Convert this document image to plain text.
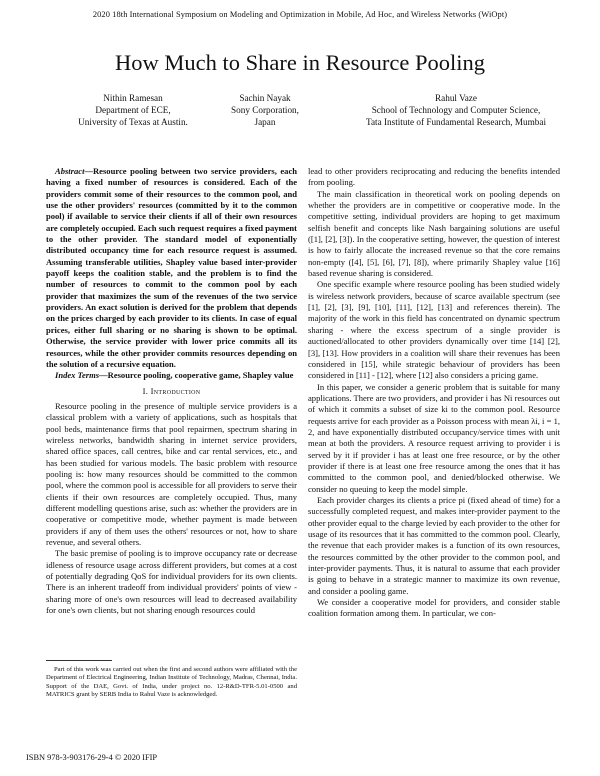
2020 18th International Symposium on Modeling and Optimization in Mobile, Ad Hoc, and Wireless Networks (WiOpt)
How Much to Share in Resource Pooling
Nithin Ramesan
Department of ECE,
University of Texas at Austin.
Sachin Nayak
Sony Corporation,
Japan
Rahul Vaze
School of Technology and Computer Science,
Tata Institute of Fundamental Research, Mumbai

Abstract—Resource pooling between two service providers, each having a fixed number of resources is considered. Each of the providers commit some of their resources to the common pool, and use the other providers' resources (committed by it to the common pool) if available to service their clients if all of their own resources are completely occupied. Each such request requires a fixed payment to the other provider. The standard model of exponentially distributed occupancy time for each resource request is assumed. Assuming transferable utilities, Shapley value based inter-provider payoff keeps the coalition stable, and the problem is to find the number of resources to commit to the common pool by each provider that maximizes the sum of the revenues of the two service providers. An exact solution is derived for the problem that depends on the prices charged by each provider to its clients. In case of equal prices, either full sharing or no sharing is shown to be optimal. Otherwise, the service provider with lower price commits all its resources, while the other provider commits resources depending on the solution of a recursive equation.

Index Terms—Resource pooling, cooperative game, Shapley value

I. Introduction

Resource pooling in the presence of multiple service providers is a classical problem with a variety of applications, such as hospitals that pool beds, maintenance firms that pool repairmen, spectrum sharing in wireless networks, bandwidth sharing in internet service providers, shared office spaces, call centres, bike and car rental services, etc., and has been studied for various models. The basic problem with resource pooling is: how many resources should be committed to the common pool, where the common pool is accessible for all providers to serve their clients if their own resources are completely occupied. Thus, many different modelling questions arise, such as: whether the providers are in cooperative or competitive mode, whether payment is made between providers if any of them uses the others' resources or not, how to share revenue, and several others.

The basic premise of pooling is to improve occupancy rate or decrease idleness of resource usage across different providers, but comes at a cost of potentially degrading QoS for individual providers for its own clients. There is an inherent tradeoff from individual providers' points of view - sharing more of one's own resources will lead to decreased availability for one's own clients, but not sharing enough resources could

Part of this work was carried out when the first and second authors were affiliated with the Department of Electrical Engineering, Indian Institute of Technology, Madras, Chennai, India. Support of the DAE, Govt. of India, under project no. 12-R&D-TFR-5.01-0500 and MATRICS grant by SERB India to Rahul Vaze is acknowledged.

lead to other providers reciprocating and reducing the benefits intended from pooling.

The main classification in theoretical work on pooling depends on whether the providers are in competitive or cooperative mode. In the competitive setting, individual providers are hoping to get maximum selfish benefit and concepts like Nash bargaining solutions are useful ([1], [2], [3]). In the cooperative setting, however, the question of interest is how to fairly allocate the increased revenue so that the core remains non-empty ([4], [5], [6], [7], [8]), where primarily Shapley value [16] based revenue sharing is considered.

One specific example where resource pooling has been studied widely is wireless network providers, because of scarce available spectrum (see [1], [2], [3], [9], [10], [11], [12], [13] and references therein). The majority of the work in this field has concentrated on dynamic spectrum sharing - where the excess spectrum of a single provider is auctioned/allocated to other providers dynamically over time [14] [2], [3], [13]. How providers in a coalition will share their revenues has been considered in [15], while strategic behaviour of providers has been considered in [11] - [12], where [12] also considers a pricing game.

In this paper, we consider a generic problem that is suitable for many applications. There are two providers, and provider i has Ni resources out of which it commits a subset of size ki to the common pool. Resource requests arrive for each provider as a Poisson process with mean λi, i = 1, 2, and have exponentially distributed occupancy/service times with unit mean at both the providers. A resource request arriving to provider i is served by it if provider i has at least one free resource, or by the other provider if there is at least one free resource among the ones that it has committed to the common pool, and denied/blocked otherwise. We consider no queuing to keep the model simple.

Each provider charges its clients a price pi (fixed ahead of time) for a successfully completed request, and makes inter-provider payment to the other provider equal to the charge levied by each provider to the other for usage of its resources that it has committed to the common pool. Clearly, the revenue that each provider makes is a function of its own resources, the resources committed by the other provider to the common pool, and inter-provider payments. Thus, it is natural to assume that each provider is going to behave in a strategic manner to maximize its own revenue, and consider a pooling game.

We consider a cooperative model for providers, and consider stable coalition formation among them. In particular, we con-

ISBN 978-3-903176-29-4 © 2020 IFIP
